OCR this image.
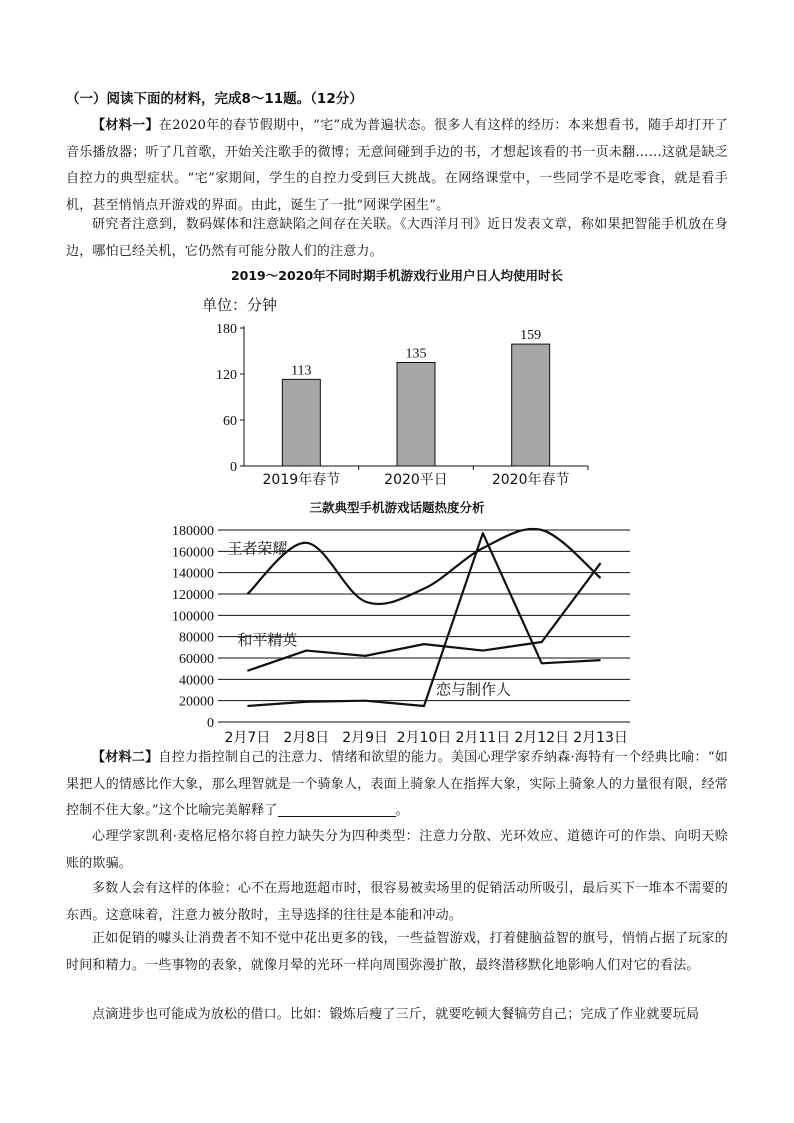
（一）阅读下面的材料，完成8～11题。（12分）

【材料一】在2020年的春节假期中，“宅”成为普遍状态。很多人有这样的经历：本来想看书，随手却打开了音乐播放器；听了几首歌，开始关注歌手的微博；无意间碰到手边的书，才想起该看的书一页未翻……这就是缺乏自控力的典型症状。“宅”家期间，学生的自控力受到巨大挑战。在网络课堂中，一些同学不是吃零食，就是看手机，甚至悄悄点开游戏的界面。由此，诞生了一批“网课学困生”。

研究者注意到，数码媒体和注意缺陷之间存在关联。《大西洋月刊》近日发表文章，称如果把智能手机放在身边，哪怕已经关机，它仍然有可能分散人们的注意力。

2019～2020年不同时期手机游戏行业用户日人均使用时长
单位：分钟
0
60
120
180
113
2019年春节
135
2020平日
159
2020年春节
三款典型手机游戏话题热度分析
0
20000
40000
60000
80000
100000
120000
140000
160000
180000
2月7日 2月8日 2月9日 2月10日 2月11日 2月12日 2月13日
王者荣耀
和平精英
恋与制作人

【材料二】自控力指控制自己的注意力、情绪和欲望的能力。美国心理学家乔纳森·海特有一个经典比喻：“如果把人的情感比作大象，那么理智就是一个骑象人，表面上骑象人在指挥大象，实际上骑象人的力量很有限，经常控制不住大象。”这个比喻完美解释了	。

心理学家凯利·麦格尼格尔将自控力缺失分为四种类型：注意力分散、光环效应、道德许可的作祟、向明天赊账的欺骗。

多数人会有这样的体验：心不在焉地逛超市时，很容易被卖场里的促销活动所吸引，最后买下一堆本不需要的东西。这意味着，注意力被分散时，主导选择的往往是本能和冲动。

正如促销的噱头让消费者不知不觉中花出更多的钱，一些益智游戏，打着健脑益智的旗号，悄悄占据了玩家的时间和精力。一些事物的表象，就像月晕的光环一样向周围弥漫扩散，最终潜移默化地影响人们对它的看法。

点滴进步也可能成为放松的借口。比如：锻炼后瘦了三斤，就要吃顿大餐犒劳自己；完成了作业就要玩局
